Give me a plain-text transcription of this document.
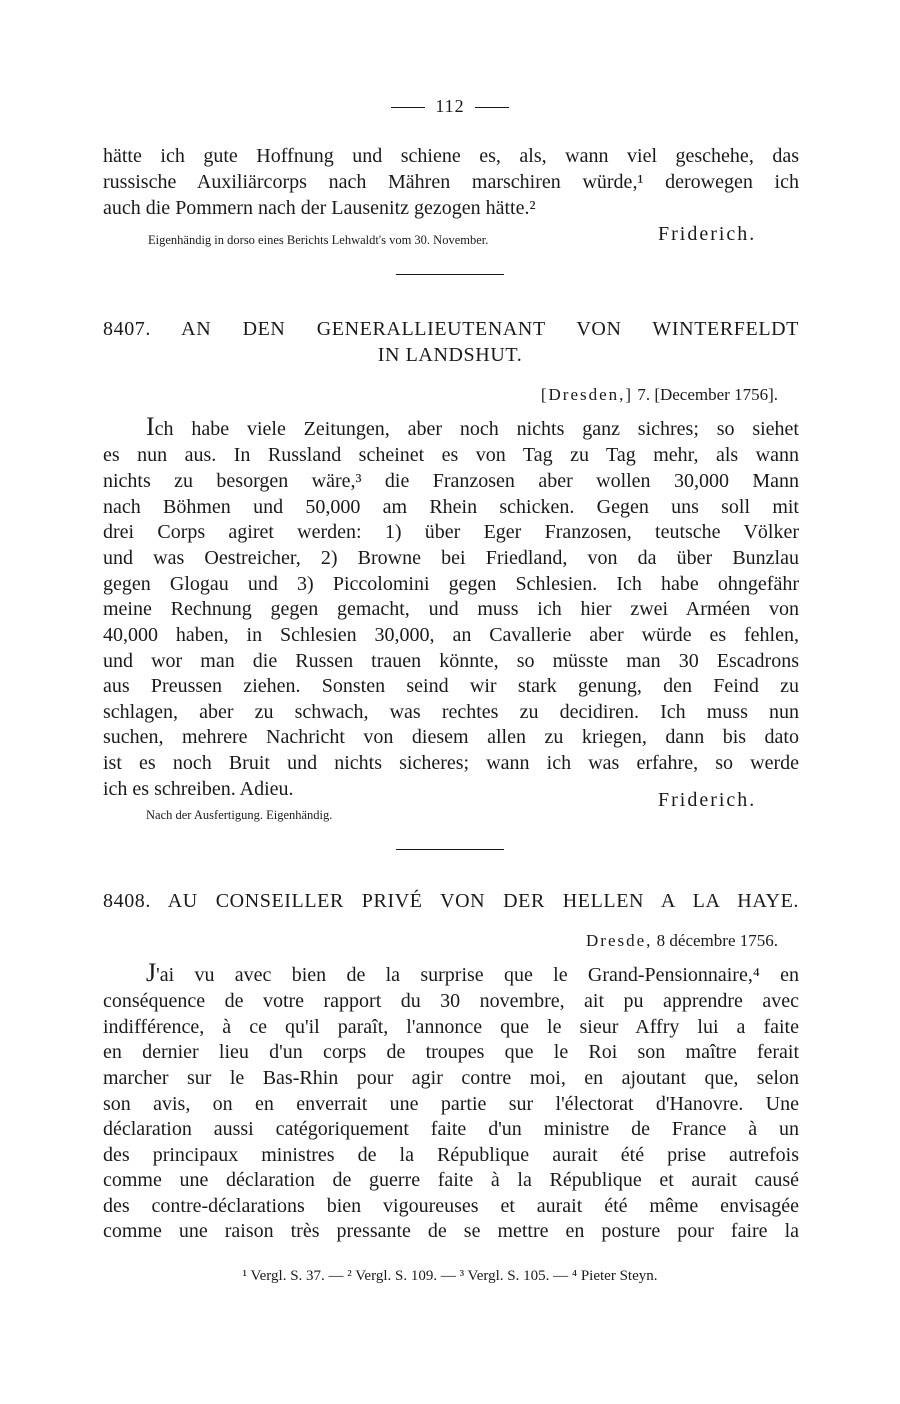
112
hätte ich gute Hoffnung und schiene es, als, wann viel geschehe, das
russische Auxiliärcorps nach Mähren marschiren würde,¹ derowegen ich
auch die Pommern nach der Lausenitz gezogen hätte.²
Eigenhändig in dorso eines Berichts Lehwaldt's vom 30. November.	Friderich.
8407. AN DEN GENERALLIEUTENANT VON WINTERFELDT
IN LANDSHUT.
[Dresden,] 7. [December 1756].
Ich habe viele Zeitungen, aber noch nichts ganz sichres; so siehet
es nun aus. In Russland scheinet es von Tag zu Tag mehr, als wann
nichts zu besorgen wäre,³ die Franzosen aber wollen 30,000 Mann
nach Böhmen und 50,000 am Rhein schicken. Gegen uns soll mit
drei Corps agiret werden: 1) über Eger Franzosen, teutsche Völker
und was Oestreicher, 2) Browne bei Friedland, von da über Bunzlau
gegen Glogau und 3) Piccolomini gegen Schlesien. Ich habe ohngefähr
meine Rechnung gegen gemacht, und muss ich hier zwei Arméen von
40,000 haben, in Schlesien 30,000, an Cavallerie aber würde es fehlen,
und wor man die Russen trauen könnte, so müsste man 30 Escadrons
aus Preussen ziehen. Sonsten seind wir stark genung, den Feind zu
schlagen, aber zu schwach, was rechtes zu decidiren. Ich muss nun
suchen, mehrere Nachricht von diesem allen zu kriegen, dann bis dato
ist es noch Bruit und nichts sicheres; wann ich was erfahre, so werde
ich es schreiben. Adieu.	Friderich.
Nach der Ausfertigung. Eigenhändig.
8408. AU CONSEILLER PRIVÉ VON DER HELLEN A LA HAYE.
Dresde, 8 décembre 1756.
J'ai vu avec bien de la surprise que le Grand-Pensionnaire,⁴ en
conséquence de votre rapport du 30 novembre, ait pu apprendre avec
indifférence, à ce qu'il paraît, l'annonce que le sieur Affry lui a faite
en dernier lieu d'un corps de troupes que le Roi son maître ferait
marcher sur le Bas-Rhin pour agir contre moi, en ajoutant que, selon
son avis, on en enverrait une partie sur l'électorat d'Hanovre. Une
déclaration aussi catégoriquement faite d'un ministre de France à un
des principaux ministres de la République aurait été prise autrefois
comme une déclaration de guerre faite à la République et aurait causé
des contre-déclarations bien vigoureuses et aurait été même envisagée
comme une raison très pressante de se mettre en posture pour faire la
¹ Vergl. S. 37. — ² Vergl. S. 109. — ³ Vergl. S. 105. — ⁴ Pieter Steyn.
